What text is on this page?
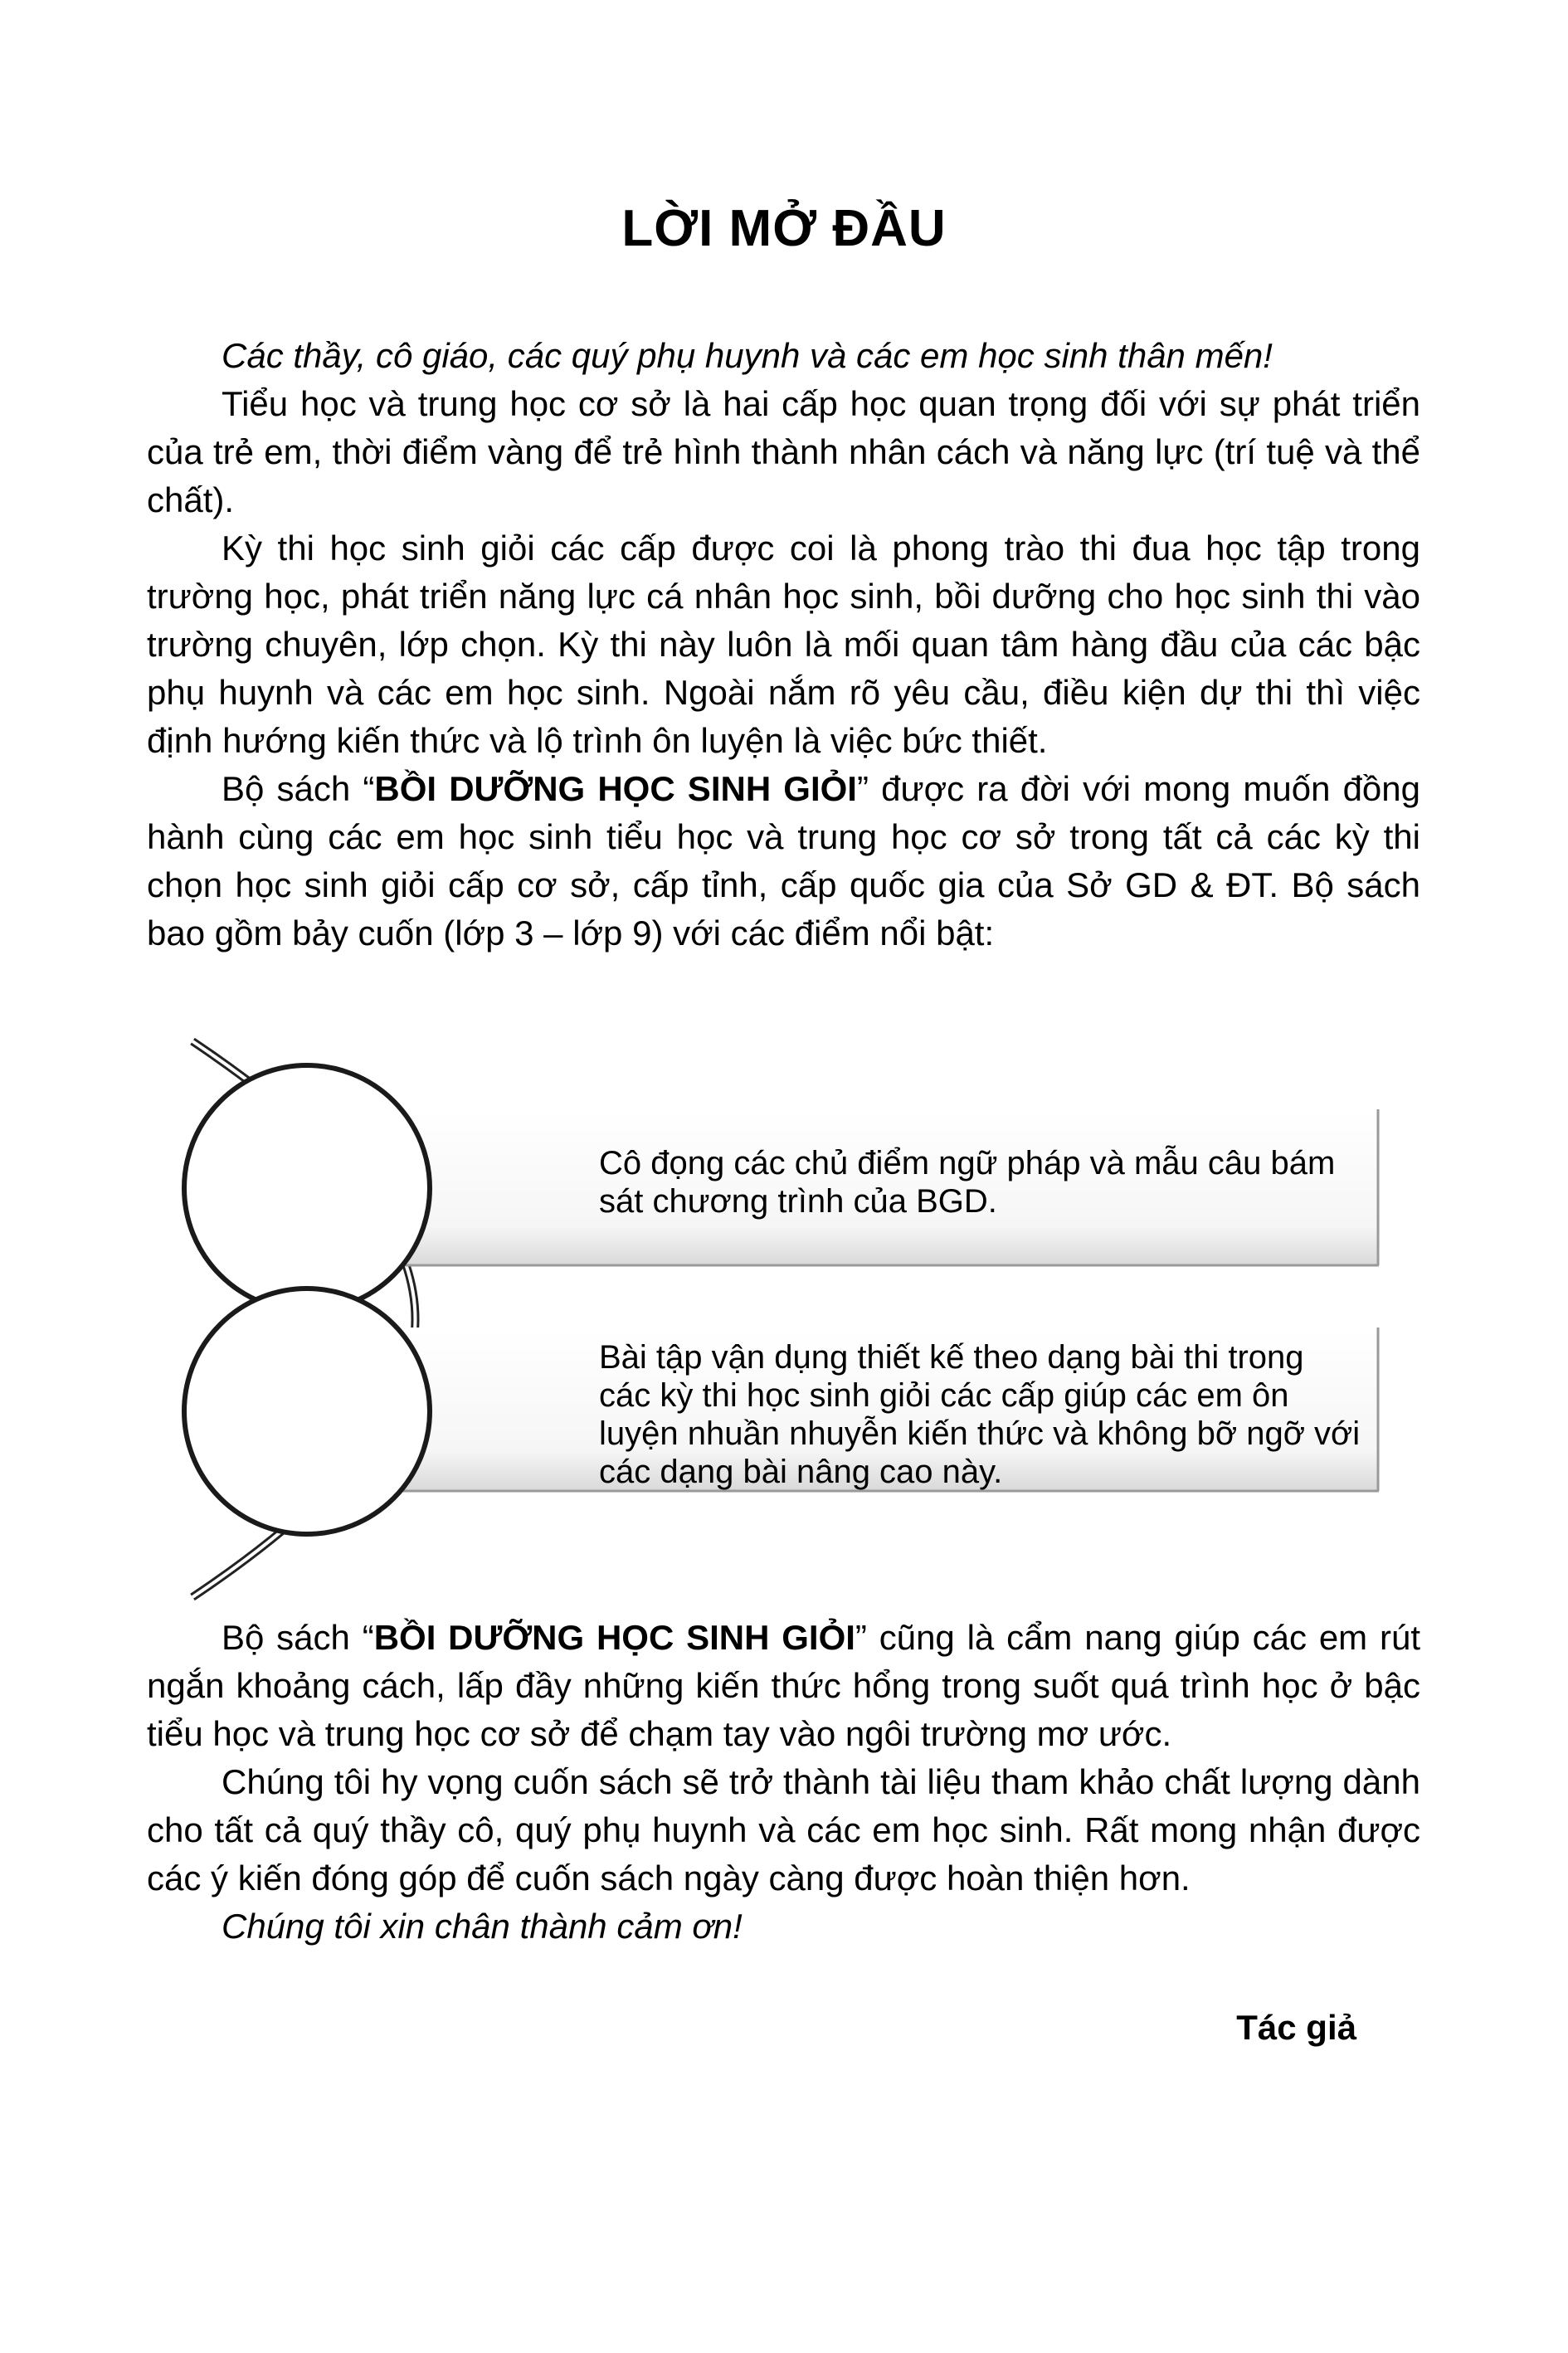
LỜI MỞ ĐẦU

Các thầy, cô giáo, các quý phụ huynh và các em học sinh thân mến!

Tiểu học và trung học cơ sở là hai cấp học quan trọng đối với sự phát triển của trẻ em, thời điểm vàng để trẻ hình thành nhân cách và năng lực (trí tuệ và thể chất).

Kỳ thi học sinh giỏi các cấp được coi là phong trào thi đua học tập trong trường học, phát triển năng lực cá nhân học sinh, bồi dưỡng cho học sinh thi vào trường chuyên, lớp chọn. Kỳ thi này luôn là mối quan tâm hàng đầu của các bậc phụ huynh và các em học sinh. Ngoài nắm rõ yêu cầu, điều kiện dự thi thì việc định hướng kiến thức và lộ trình ôn luyện là việc bức thiết.

Bộ sách “BỒI DƯỠNG HỌC SINH GIỎI” được ra đời với mong muốn đồng hành cùng các em học sinh tiểu học và trung học cơ sở trong tất cả các kỳ thi chọn học sinh giỏi cấp cơ sở, cấp tỉnh, cấp quốc gia của Sở GD & ĐT. Bộ sách bao gồm bảy cuốn (lớp 3 – lớp 9) với các điểm nổi bật:

Cô đọng các chủ điểm ngữ pháp và mẫu câu bám sát chương trình của BGD.
Bài tập vận dụng thiết kế theo dạng bài thi trong các kỳ thi học sinh giỏi các cấp giúp các em ôn luyện nhuần nhuyễn kiến thức và không bỡ ngỡ với các dạng bài nâng cao này.

Bộ sách “BỒI DƯỠNG HỌC SINH GIỎI” cũng là cẩm nang giúp các em rút ngắn khoảng cách, lấp đầy những kiến thức hổng trong suốt quá trình học ở bậc tiểu học và trung học cơ sở để chạm tay vào ngôi trường mơ ước.

Chúng tôi hy vọng cuốn sách sẽ trở thành tài liệu tham khảo chất lượng dành cho tất cả quý thầy cô, quý phụ huynh và các em học sinh. Rất mong nhận được các ý kiến đóng góp để cuốn sách ngày càng được hoàn thiện hơn.

Chúng tôi xin chân thành cảm ơn!

Tác giả
